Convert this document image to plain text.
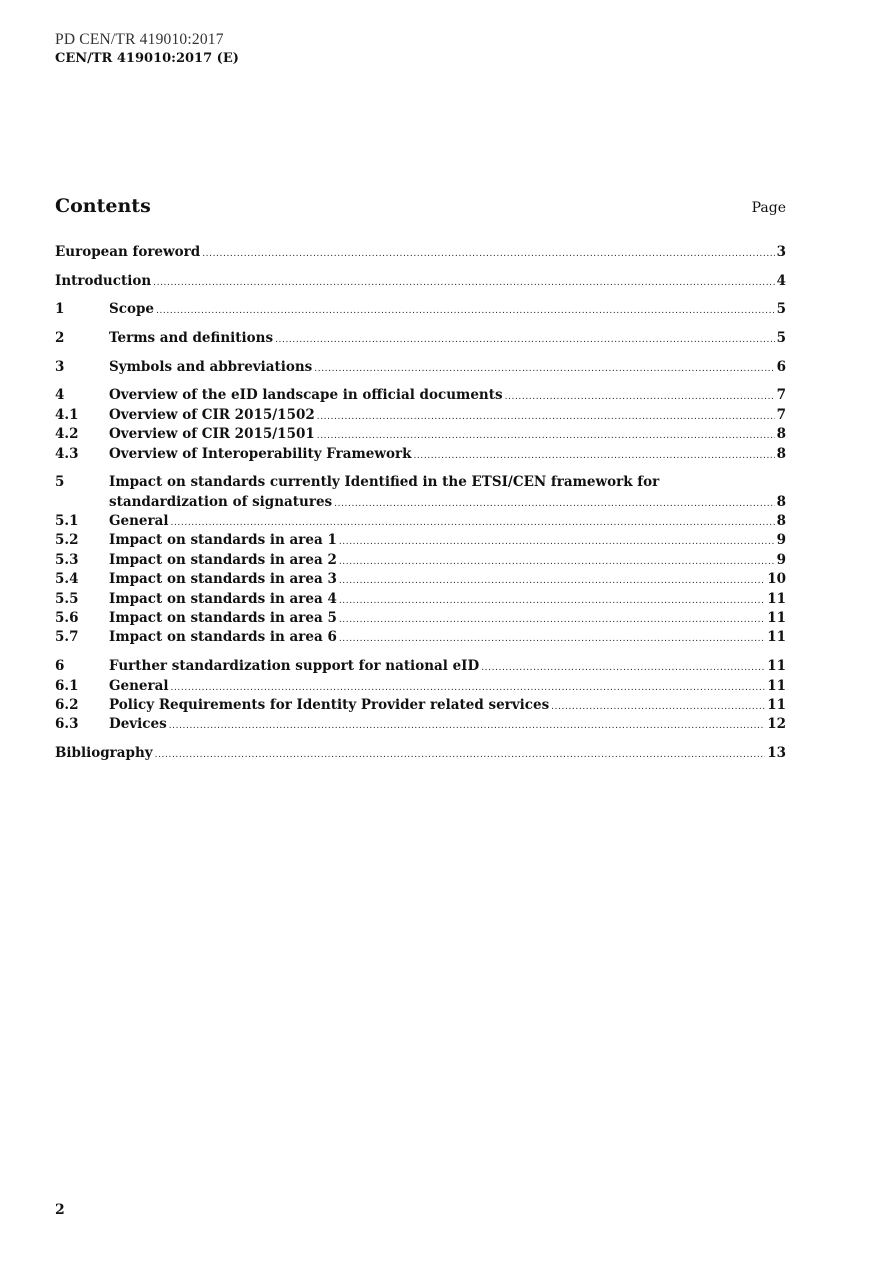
PD CEN/TR 419010:2017
CEN/TR 419010:2017 (E)
Contents	Page
European foreword .....	3
Introduction .....	4
1	Scope .....	5
2	Terms and definitions .....	5
3	Symbols and abbreviations .....	6
4	Overview of the eID landscape in official documents .....	7
4.1 Overview of CIR 2015/1502 .....	7
4.2 Overview of CIR 2015/1501 .....	8
4.3 Overview of Interoperability Framework .....	8
5	Impact on standards currently Identified in the ETSI/CEN framework for
standardization of signatures .....	8
5.1 General .....	8
5.2 Impact on standards in area 1 .....	9
5.3 Impact on standards in area 2 .....	9
5.4 Impact on standards in area 3 .....	10
5.5 Impact on standards in area 4 .....	11
5.6 Impact on standards in area 5 .....	11
5.7 Impact on standards in area 6 .....	11
6	Further standardization support for national eID .....	11
6.1 General .....	11
6.2 Policy Requirements for Identity Provider related services .....	11
6.3 Devices .....	12
Bibliography .....	13
2
